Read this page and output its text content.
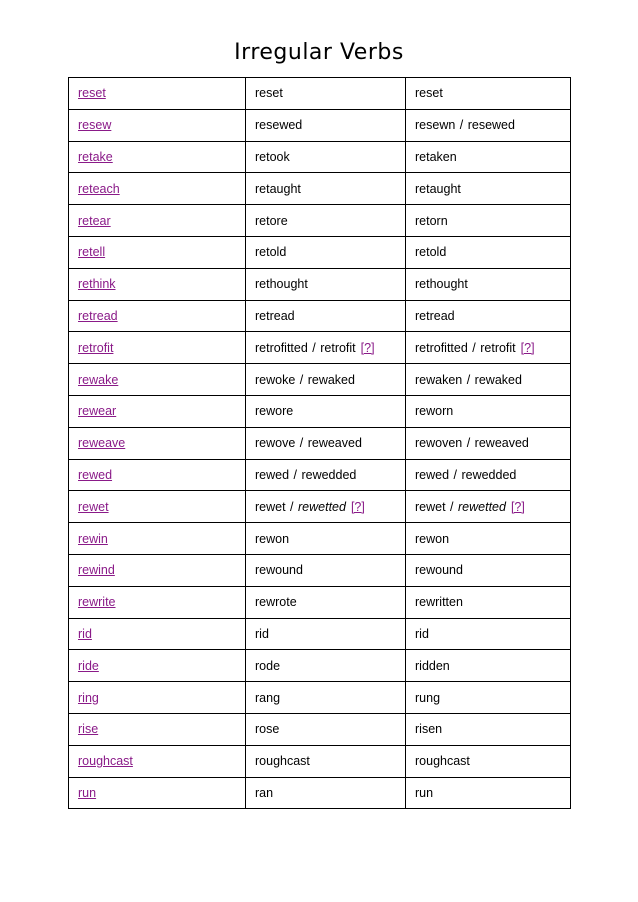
Irregular Verbs
reset	reset	reset
resew	resewed	resewn / resewed
retake	retook	retaken
reteach	retaught	retaught
retear	retore	retorn
retell	retold	retold
rethink	rethought	rethought
retread	retread	retread
retrofit	retrofitted / retrofit [?]	retrofitted / retrofit [?]
rewake	rewoke / rewaked	rewaken / rewaked
rewear	rewore	reworn
reweave	rewove / reweaved	rewoven / reweaved
rewed	rewed / rewedded	rewed / rewedded
rewet	rewet / rewetted [?]	rewet / rewetted [?]
rewin	rewon	rewon
rewind	rewound	rewound
rewrite	rewrote	rewritten
rid	rid	rid
ride	rode	ridden
ring	rang	rung
rise	rose	risen
roughcast	roughcast	roughcast
run	ran	run
